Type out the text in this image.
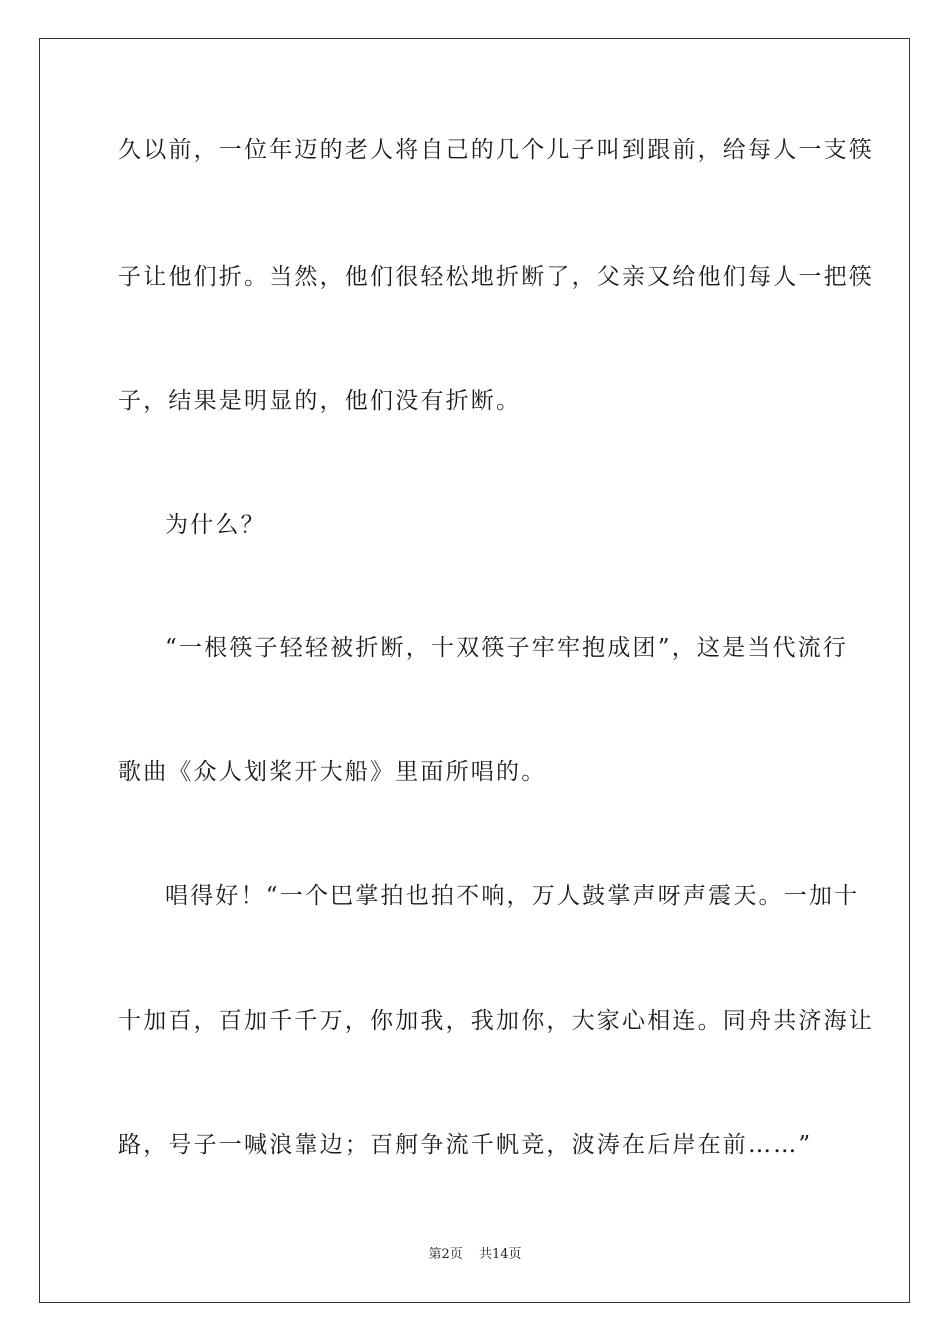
久以前，一位年迈的老人将自己的几个儿子叫到跟前，给每人一支筷
子让他们折。当然，他们很轻松地折断了，父亲又给他们每人一把筷
子，结果是明显的，他们没有折断。
为什么？
“一根筷子轻轻被折断，十双筷子牢牢抱成团”，这是当代流行
歌曲《众人划桨开大船》里面所唱的。
唱得好！“一个巴掌拍也拍不响，万人鼓掌声呀声震天。一加十
十加百，百加千千万，你加我，我加你，大家心相连。同舟共济海让
路，号子一喊浪靠边；百舸争流千帆竞，波涛在后岸在前……”
第2页 共14页
